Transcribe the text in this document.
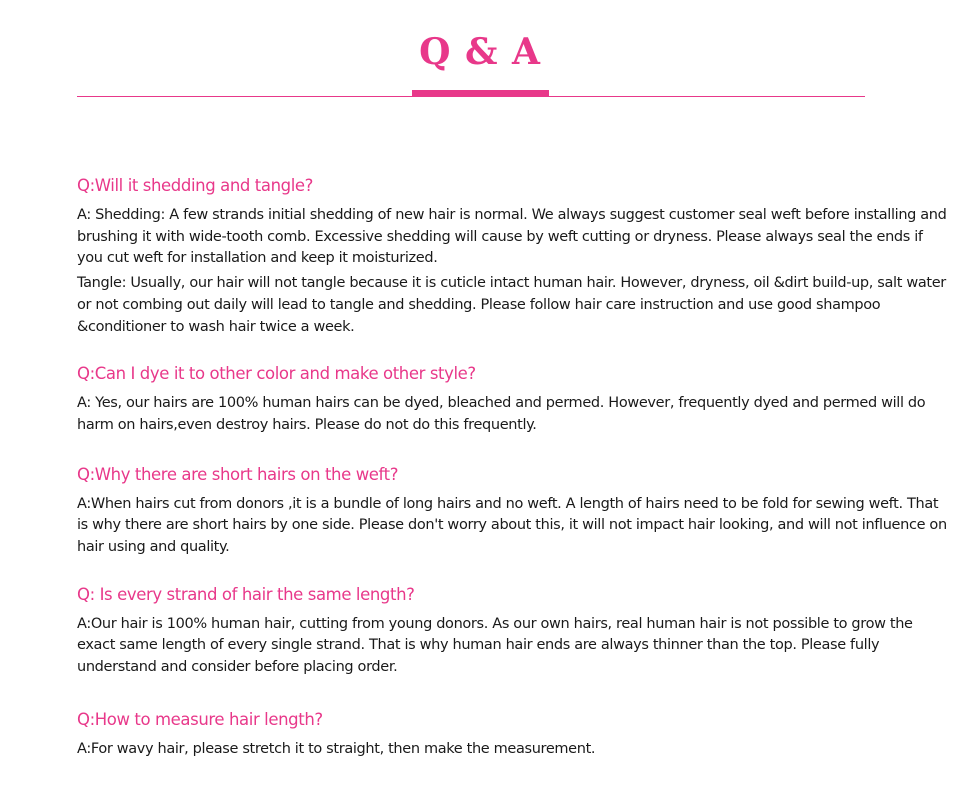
Q & A

Q:Will it shedding and tangle?

A: Shedding: A few strands initial shedding of new hair is normal. We always suggest customer seal weft before installing and brushing it with wide-tooth comb. Excessive shedding will cause by weft cutting or dryness. Please always seal the ends if you cut weft for installation and keep it moisturized.

Tangle: Usually, our hair will not tangle because it is cuticle intact human hair. However, dryness, oil &dirt build-up, salt water or not combing out daily will lead to tangle and shedding. Please follow hair care instruction and use good shampoo &conditioner to wash hair twice a week.

Q:Can I dye it to other color and make other style?

A: Yes, our hairs are 100% human hairs can be dyed, bleached and permed. However, frequently dyed and permed will do harm on hairs,even destroy hairs. Please do not do this frequently.

Q:Why there are short hairs on the weft?

A:When hairs cut from donors ,it is a bundle of long hairs and no weft. A length of hairs need to be fold for sewing weft. That is why there are short hairs by one side. Please don't worry about this, it will not impact hair looking, and will not influence on hair using and quality.

Q: Is every strand of hair the same length?

A:Our hair is 100% human hair, cutting from young donors. As our own hairs, real human hair is not possible to grow the exact same length of every single strand. That is why human hair ends are always thinner than the top. Please fully understand and consider before placing order.

Q:How to measure hair length?

A:For wavy hair, please stretch it to straight, then make the measurement.
